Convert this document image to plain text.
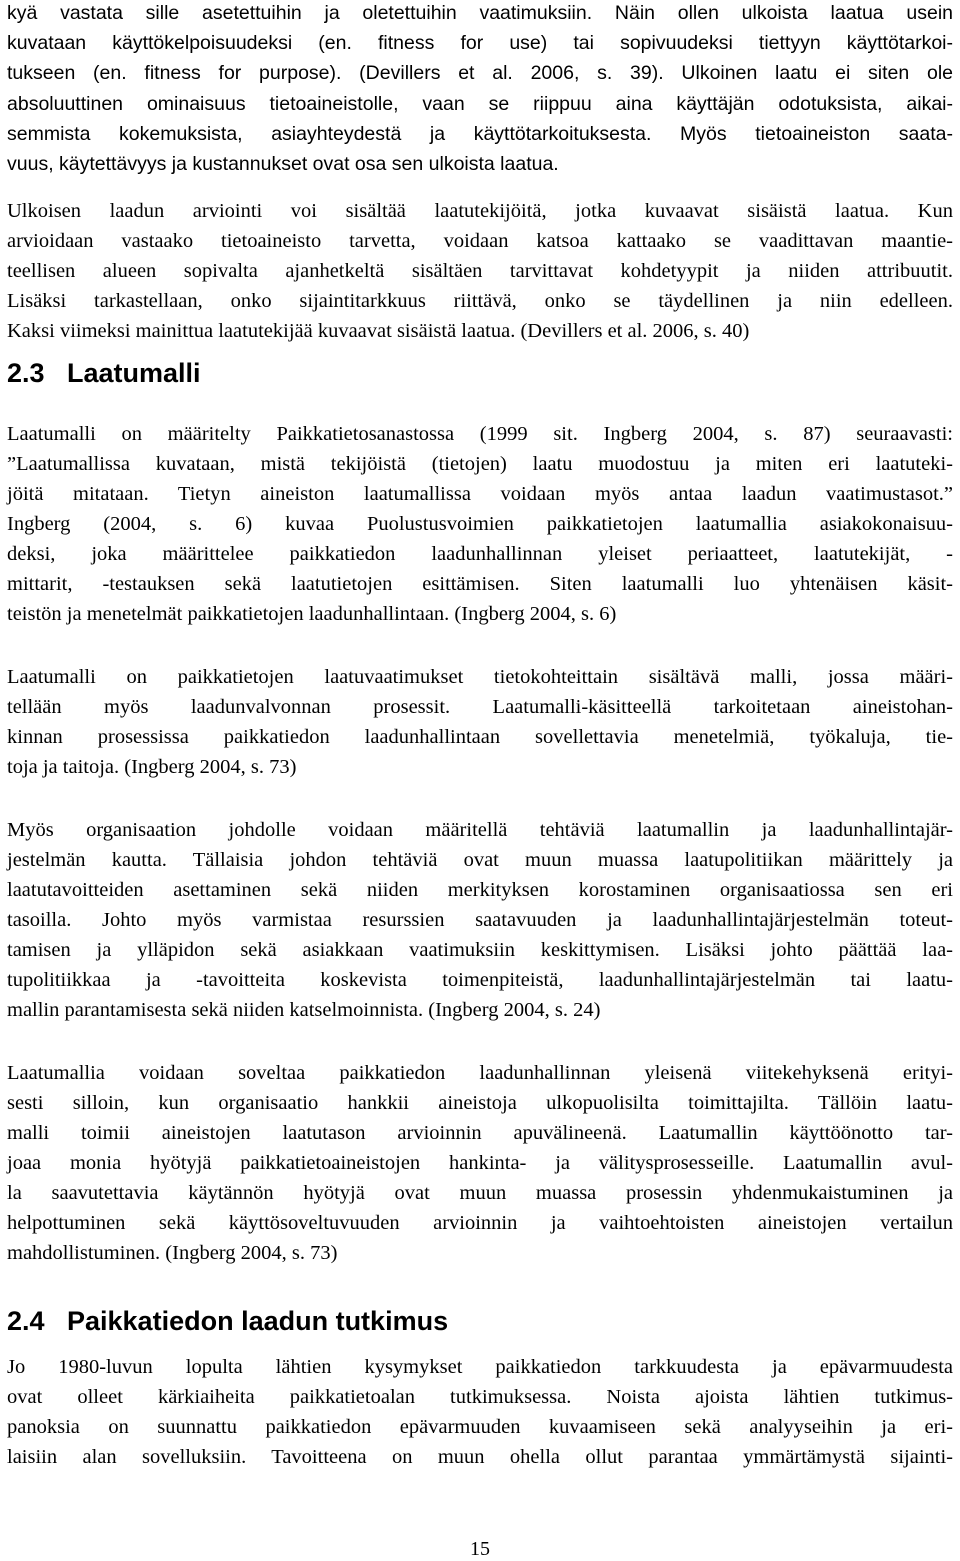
kyä vastata sille asetettuihin ja oletettuihin vaatimuksiin. Näin ollen ulkoista laatua usein
kuvataan käyttökelpoisuudeksi (en. fitness for use) tai sopivuudeksi tiettyyn käyttötarkoi-
tukseen (en. fitness for purpose). (Devillers et al. 2006, s. 39). Ulkoinen laatu ei siten ole
absoluuttinen ominaisuus tietoaineistolle, vaan se riippuu aina käyttäjän odotuksista, aikai-
semmista kokemuksista, asiayhteydestä ja käyttötarkoituksesta. Myös tietoaineiston saata-
vuus, käytettävyys ja kustannukset ovat osa sen ulkoista laatua.
Ulkoisen laadun arviointi voi sisältää laatutekijöitä, jotka kuvaavat sisäistä laatua. Kun
arvioidaan vastaako tietoaineisto tarvetta, voidaan katsoa kattaako se vaadittavan maantie-
teellisen alueen sopivalta ajanhetkeltä sisältäen tarvittavat kohdetyypit ja niiden attribuutit.
Lisäksi tarkastellaan, onko sijaintitarkkuus riittävä, onko se täydellinen ja niin edelleen.
Kaksi viimeksi mainittua laatutekijää kuvaavat sisäistä laatua. (Devillers et al. 2006, s. 40)
2.3 Laatumalli
Laatumalli on määritelty Paikkatietosanastossa (1999 sit. Ingberg 2004, s. 87) seuraavasti:
”Laatumallissa kuvataan, mistä tekijöistä (tietojen) laatu muodostuu ja miten eri laatuteki-
jöitä mitataan. Tietyn aineiston laatumallissa voidaan myös antaa laadun vaatimustasot.”
Ingberg (2004, s. 6) kuvaa Puolustusvoimien paikkatietojen laatumallia asiakokonaisuu-
deksi, joka määrittelee paikkatiedon laadunhallinnan yleiset periaatteet, laatutekijät, -
mittarit, -testauksen sekä laatutietojen esittämisen. Siten laatumalli luo yhtenäisen käsit-
teistön ja menetelmät paikkatietojen laadunhallintaan. (Ingberg 2004, s. 6)
Laatumalli on paikkatietojen laatuvaatimukset tietokohteittain sisältävä malli, jossa määri-
tellään myös laadunvalvonnan prosessit. Laatumalli-käsitteellä tarkoitetaan aineistohan-
kinnan prosessissa paikkatiedon laadunhallintaan sovellettavia menetelmiä, työkaluja, tie-
toja ja taitoja. (Ingberg 2004, s. 73)
Myös organisaation johdolle voidaan määritellä tehtäviä laatumallin ja laadunhallintajär-
jestelmän kautta. Tällaisia johdon tehtäviä ovat muun muassa laatupolitiikan määrittely ja
laatutavoitteiden asettaminen sekä niiden merkityksen korostaminen organisaatiossa sen eri
tasoilla. Johto myös varmistaa resurssien saatavuuden ja laadunhallintajärjestelmän toteut-
tamisen ja ylläpidon sekä asiakkaan vaatimuksiin keskittymisen. Lisäksi johto päättää laa-
tupolitiikkaa ja -tavoitteita koskevista toimenpiteistä, laadunhallintajärjestelmän tai laatu-
mallin parantamisesta sekä niiden katselmoinnista. (Ingberg 2004, s. 24)
Laatumallia voidaan soveltaa paikkatiedon laadunhallinnan yleisenä viitekehyksenä erityi-
sesti silloin, kun organisaatio hankkii aineistoja ulkopuolisilta toimittajilta. Tällöin laatu-
malli toimii aineistojen laatutason arvioinnin apuvälineenä. Laatumallin käyttöönotto tar-
joaa monia hyötyjä paikkatietoaineistojen hankinta- ja välitysprosesseille. Laatumallin avul-
la saavutettavia käytännön hyötyjä ovat muun muassa prosessin yhdenmukaistuminen ja
helpottuminen sekä käyttösoveltuvuuden arvioinnin ja vaihtoehtoisten aineistojen vertailun
mahdollistuminen. (Ingberg 2004, s. 73)
2.4 Paikkatiedon laadun tutkimus
Jo 1980-luvun lopulta lähtien kysymykset paikkatiedon tarkkuudesta ja epävarmuudesta
ovat olleet kärkiaiheita paikkatietoalan tutkimuksessa. Noista ajoista lähtien tutkimus-
panoksia on suunnattu paikkatiedon epävarmuuden kuvaamiseen sekä analyyseihin ja eri-
laisiin alan sovelluksiin. Tavoitteena on muun ohella ollut parantaa ymmärtämystä sijainti-
15
